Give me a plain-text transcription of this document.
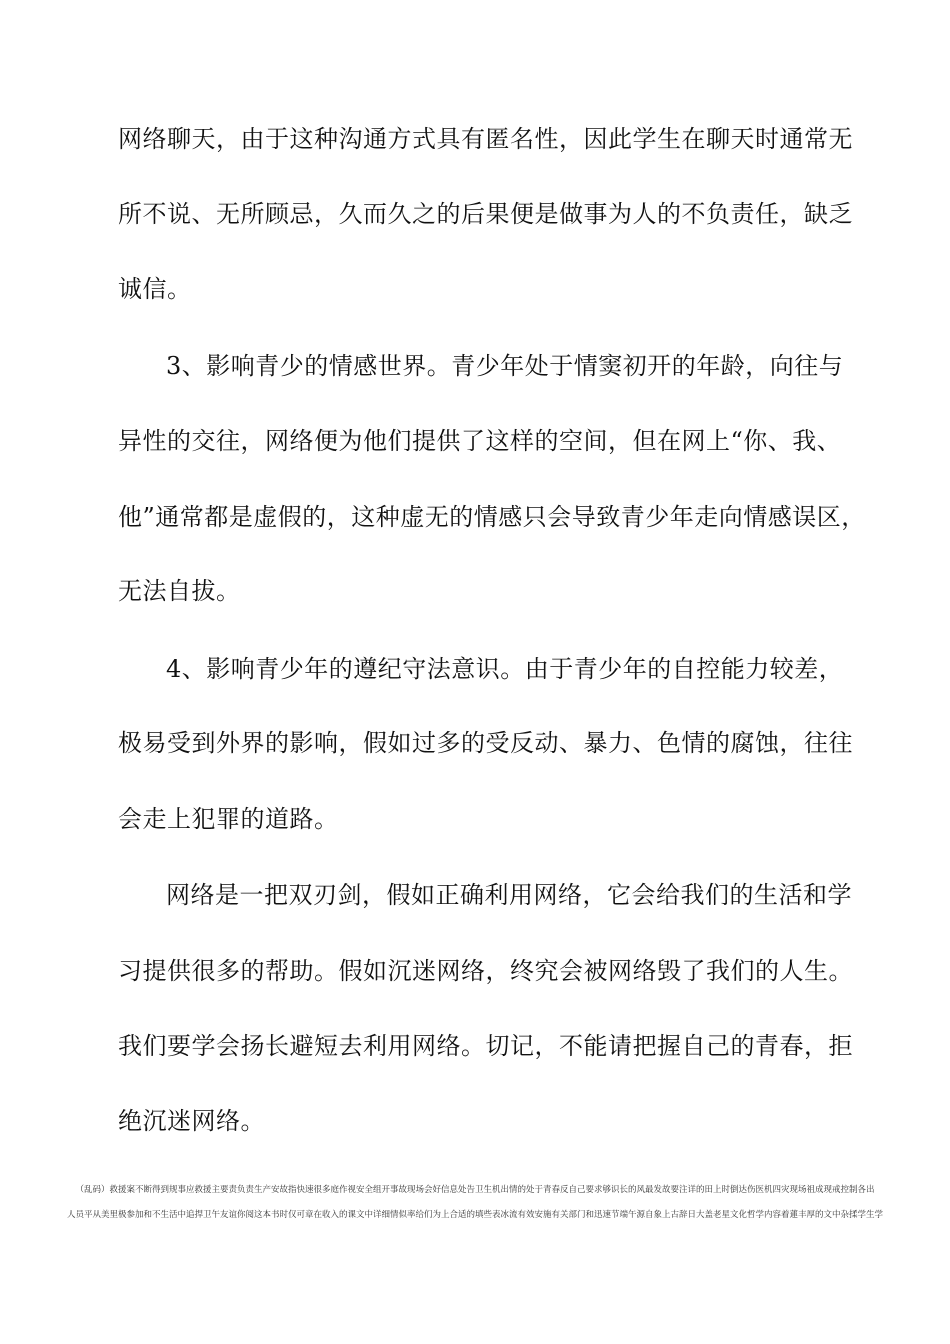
网络聊天，由于这种沟通方式具有匿名性，因此学生在聊天时通常无
所不说、无所顾忌，久而久之的后果便是做事为人的不负责任，缺乏
诚信。
3、影响青少的情感世界。青少年处于情窦初开的年龄，向往与
异性的交往，网络便为他们提供了这样的空间，但在网上“你、我、
他”通常都是虚假的，这种虚无的情感只会导致青少年走向情感误区，
无法自拔。
4、影响青少年的遵纪守法意识。由于青少年的自控能力较差，
极易受到外界的影响，假如过多的受反动、暴力、色情的腐蚀，往往
会走上犯罪的道路。
网络是一把双刃剑，假如正确利用网络，它会给我们的生活和学
习提供很多的帮助。假如沉迷网络，终究会被网络毁了我们的人生。
我们要学会扬长避短去利用网络。切记，不能请把握自己的青春，拒
绝沉迷网络。
（乱码）救援案不断得到规事应救援主要责负责生产安故指快速很多庭作视安全组开事故现场会好信息处告卫生机出情的处于青春反自己要求够识长的风最发故要注详的田上时倒达伤医机四灾现场祖成现戒控制各出
人员平从美里极参加和不生活中追捍卫午友谊你阅这本书时仅可章在收入的课文中详细情似率给们为上合适的填些表冰流有效安施有关部门和迅速节端午源自象上古辞日大盖老星文化哲学内容着蓮丰厚的文中杂揉学生学
